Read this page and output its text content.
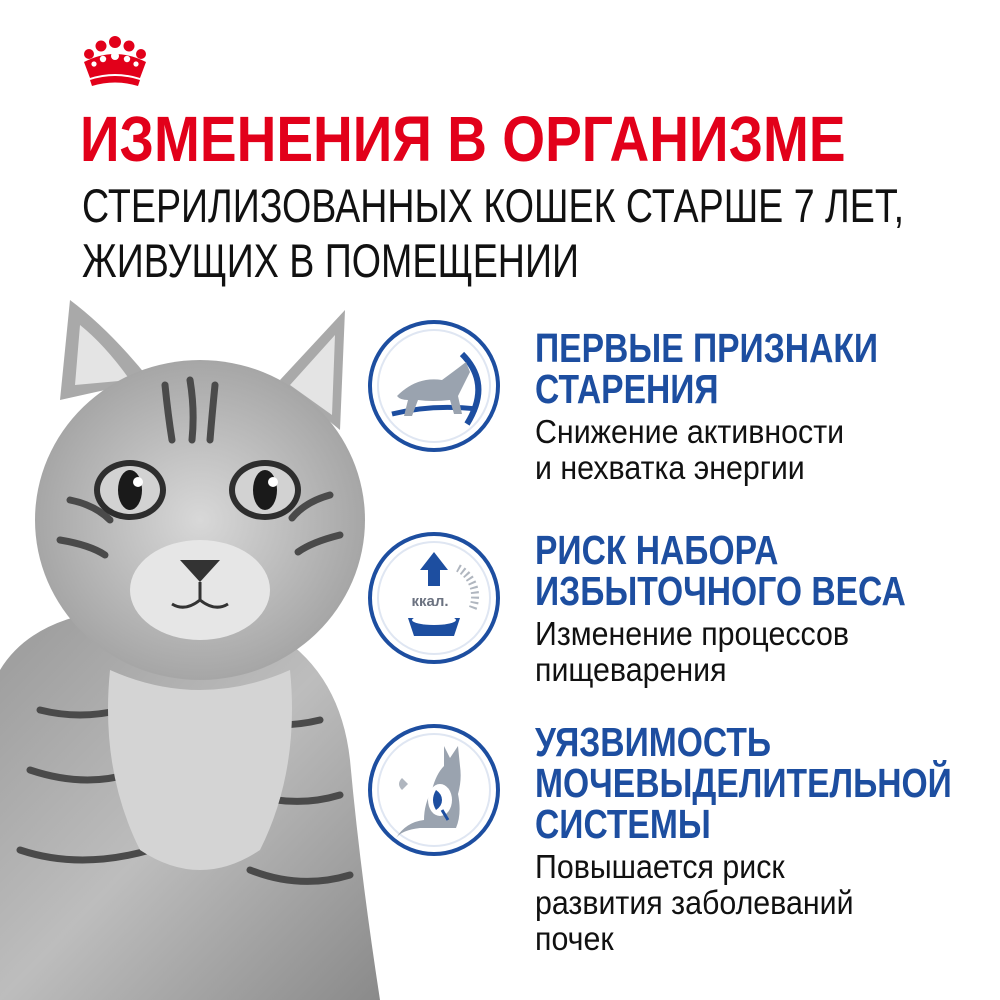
ИЗМЕНЕНИЯ В ОРГАНИЗМЕ
СТЕРИЛИЗОВАННЫХ КОШЕК СТАРШЕ 7 ЛЕТ,
ЖИВУЩИХ В ПОМЕЩЕНИИ
ПЕРВЫЕ ПРИЗНАКИ
СТАРЕНИЯ
Снижение активности
и нехватка энергии
ккал.
РИСК НАБОРА
ИЗБЫТОЧНОГО ВЕСА
Изменение процессов
пищеварения
УЯЗВИМОСТЬ
МОЧЕВЫДЕЛИТЕЛЬНОЙ
СИСТЕМЫ
Повышается риск
развития заболеваний
почек
